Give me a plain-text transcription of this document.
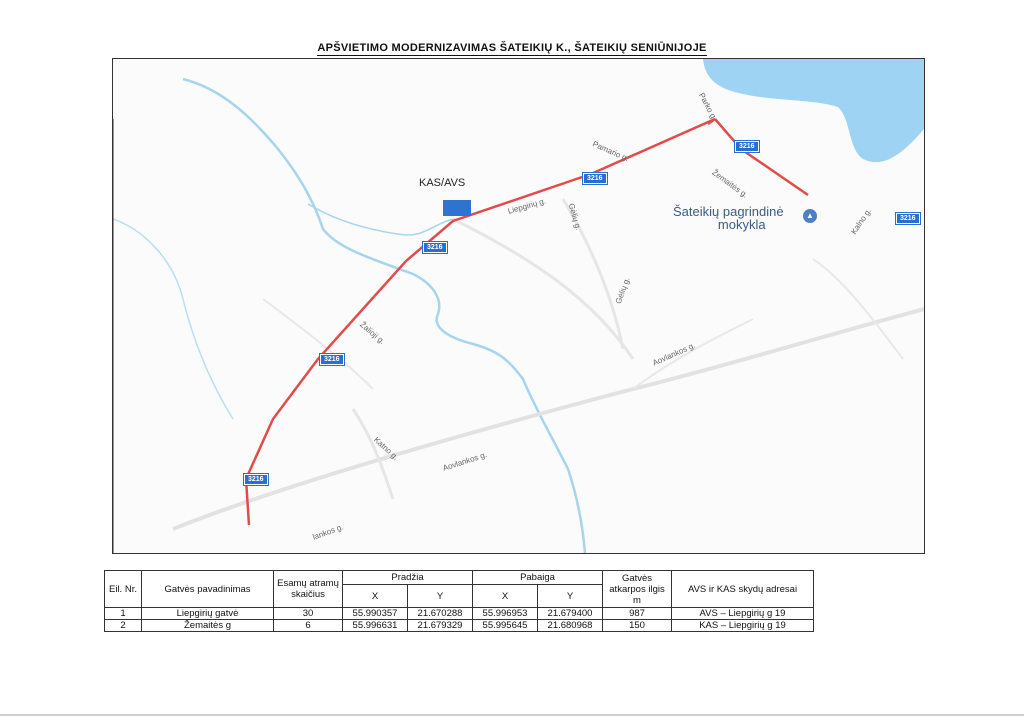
APŠVIETIMO MODERNIZAVIMAS ŠATEIKIŲ K., ŠATEIKIŲ SENIŪNIJOJE
Liepgirių g.
Parko g.
Žemaitės g.
Pamario g.
Žalioji g.
Gėlių g.
Aovlankos g.
Katno g.	Aovlankos g.
lankos g.
Kalno g.
Gėlių g.
3216
3216
3216
3216
3216
3216
KAS/AVS
Šateikių pagrindinė
mokykla
▲
Eil. Nr.	Gatvės pavadinimas	Esamų atramų skaičius	Pradžia		Pabaiga		Gatvės atkarpos ilgis m	AVS ir KAS skydų adresai
			X	Y	X	Y		
1	Liepgirių gatvė	30	55.990357	21.670288	55.996953	21.679400	987	AVS – Liepgirių g 19
2	Žemaitės g	6	55.996631	21.679329	55.995645	21.680968	150	KAS – Liepgirių g 19
